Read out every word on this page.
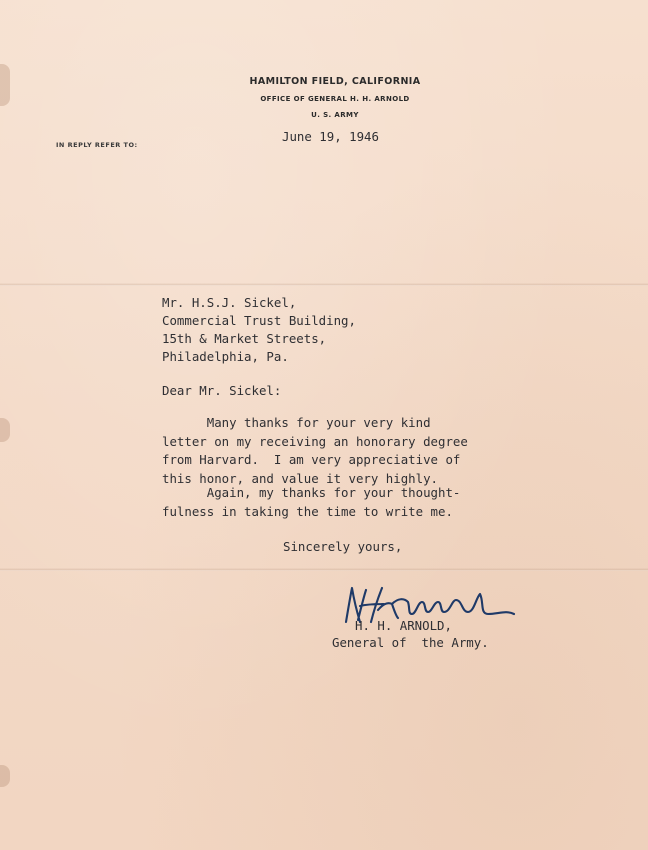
HAMILTON FIELD, CALIFORNIA
OFFICE OF GENERAL H. H. ARNOLD
U. S. ARMY
IN REPLY REFER TO:
June 19, 1946
Mr. H.S.J. Sickel,
Commercial Trust Building,
15th & Market Streets,
Philadelphia, Pa.
Dear Mr. Sickel:
Many thanks for your very kind
letter on my receiving an honorary degree
from Harvard.  I am very appreciative of
this honor, and value it very highly.
Again, my thanks for your thought-
fulness in taking the time to write me.
Sincerely yours,
H. H. ARNOLD,
General of  the Army.
